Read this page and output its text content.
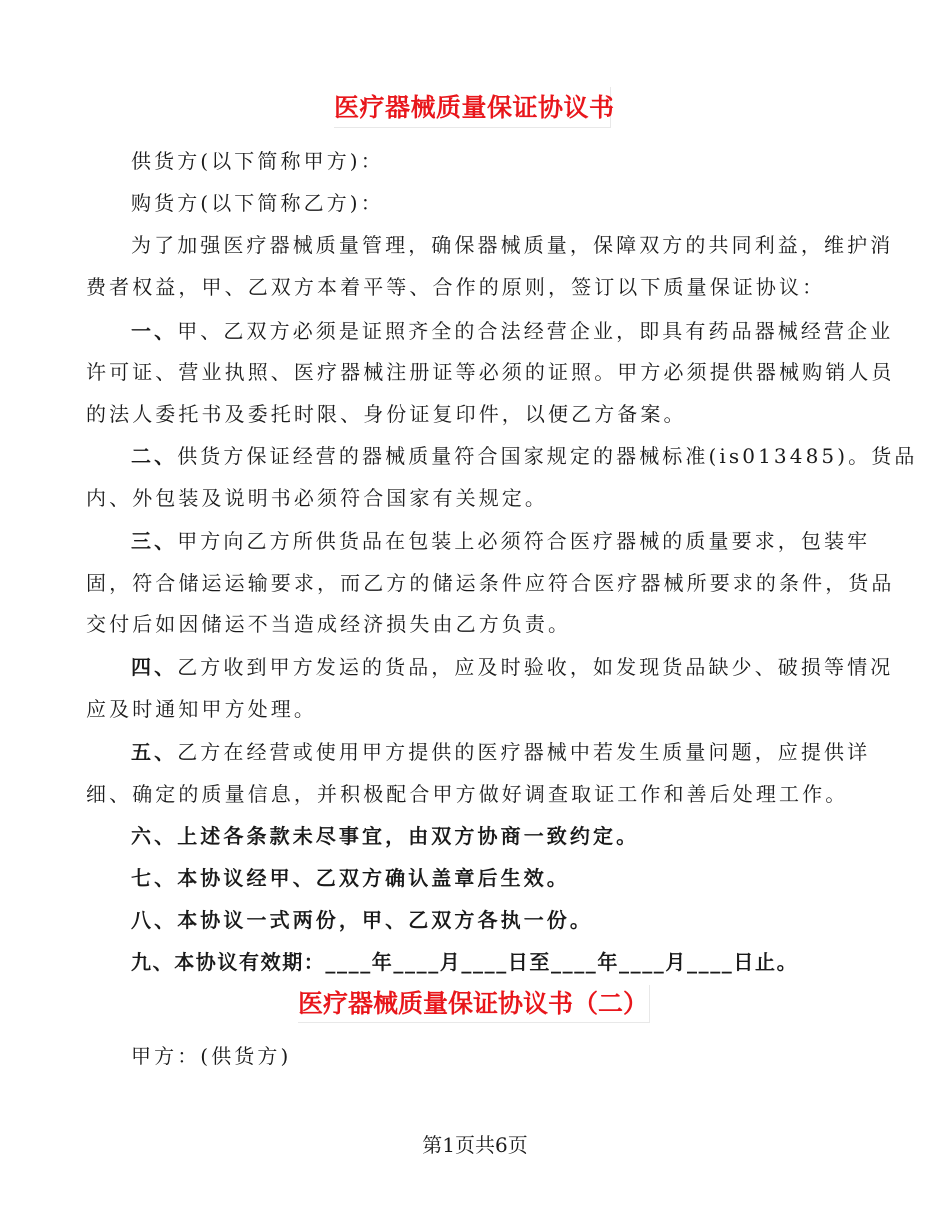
医疗器械质量保证协议书
供货方(以下简称甲方)：
购货方(以下简称乙方)：
为了加强医疗器械质量管理，确保器械质量，保障双方的共同利益，维护消
费者权益，甲、乙双方本着平等、合作的原则，签订以下质量保证协议：
一、甲、乙双方必须是证照齐全的合法经营企业，即具有药品器械经营企业
许可证、营业执照、医疗器械注册证等必须的证照。甲方必须提供器械购销人员
的法人委托书及委托时限、身份证复印件，以便乙方备案。
二、供货方保证经营的器械质量符合国家规定的器械标准(is013485)。货品
内、外包装及说明书必须符合国家有关规定。
三、甲方向乙方所供货品在包装上必须符合医疗器械的质量要求，包装牢
固，符合储运运输要求，而乙方的储运条件应符合医疗器械所要求的条件，货品
交付后如因储运不当造成经济损失由乙方负责。
四、乙方收到甲方发运的货品，应及时验收，如发现货品缺少、破损等情况
应及时通知甲方处理。
五、乙方在经营或使用甲方提供的医疗器械中若发生质量问题，应提供详
细、确定的质量信息，并积极配合甲方做好调查取证工作和善后处理工作。
六、上述各条款未尽事宜，由双方协商一致约定。
七、本协议经甲、乙双方确认盖章后生效。
八、本协议一式两份，甲、乙双方各执一份。
九、本协议有效期：____年____月____日至____年____月____日止。
医疗器械质量保证协议书（二）
甲方：(供货方)
第1页共6页
